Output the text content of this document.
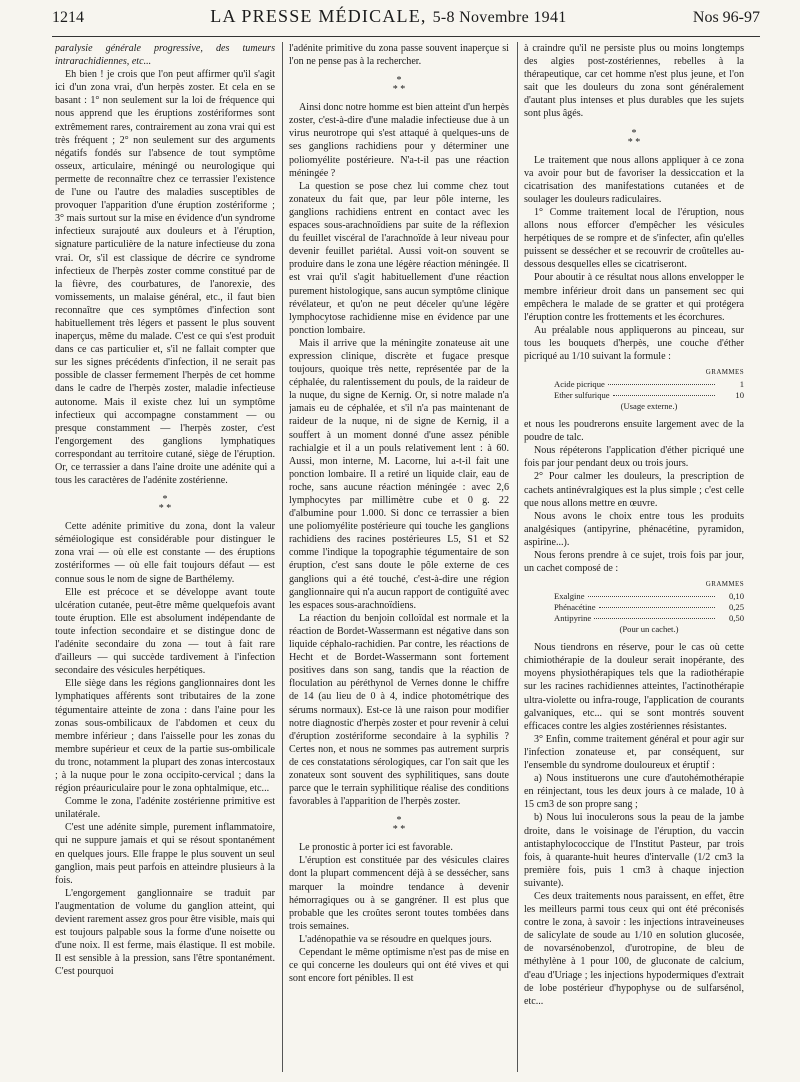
1214	LA PRESSE MÉDICALE, 5-8 Novembre 1941	Nos 96-97

paralysie générale progressive, des tumeurs intrarachidiennes, etc...

Eh bien ! je crois que l'on peut affirmer qu'il s'agit ici d'un zona vrai, d'un herpès zoster. Et cela en se basant : 1° non seulement sur la loi de fréquence qui nous apprend que les éruptions zostériformes sont extrêmement rares, contrairement au zona vrai qui est très fréquent ; 2° non seulement sur des arguments négatifs fondés sur l'absence de tout symptôme osseux, articulaire, méningé ou neurologique qui permette de reconnaître chez ce terrassier l'existence de l'une ou l'autre des maladies susceptibles de provoquer l'apparition d'une éruption zostériforme ; 3° mais surtout sur la mise en évidence d'un syndrome infectieux surajouté aux douleurs et à l'éruption, signature particulière de la nature infectieuse du zona vrai. Or, s'il est classique de décrire ce syndrome infectieux de l'herpès zoster comme constitué par de la fièvre, des courbatures, de l'anorexie, des vomissements, un malaise général, etc., il faut bien reconnaître que ces symptômes d'infection sont habituellement très légers et passent le plus souvent inaperçus, même du malade. C'est ce qui s'est produit dans ce cas particulier et, s'il ne fallait compter que sur les signes précédents d'infection, il ne serait pas possible de classer fermement l'herpès de cet homme dans le cadre de l'herpès zoster, maladie infectieuse autonome. Mais il existe chez lui un symptôme infectieux qui accompagne constamment — ou presque constamment — l'herpès zoster, c'est l'engorgement des ganglions lymphatiques correspondant au territoire cutané, siège de l'éruption. Or, ce terrassier a dans l'aine droite une adénite qui a tous les caractères de l'adénite zostérienne.

*
* *

Cette adénite primitive du zona, dont la valeur séméiologique est considérable pour distinguer le zona vrai — où elle est constante — des éruptions zostériformes — où elle fait toujours défaut — est connue sous le nom de signe de Barthélemy.

Elle est précoce et se développe avant toute ulcération cutanée, peut-être même quelquefois avant toute éruption. Elle est absolument indépendante de toute infection secondaire et se distingue donc de l'adénite secondaire du zona — tout à fait rare d'ailleurs — qui succède tardivement à l'infection secondaire des vésicules herpétiques.

Elle siège dans les régions ganglionnaires dont les lymphatiques afférents sont tributaires de la zone tégumentaire atteinte de zona : dans l'aine pour les zonas sous-ombilicaux de l'abdomen et ceux du membre inférieur ; dans l'aisselle pour les zonas du membre supérieur et ceux de la partie sus-ombilicale du tronc, notamment la plupart des zonas intercostaux ; à la nuque pour le zona occipito-cervical ; dans la région préauriculaire pour le zona ophtalmique, etc...

Comme le zona, l'adénite zostérienne primitive est unilatérale.

C'est une adénite simple, purement inflammatoire, qui ne suppure jamais et qui se résout spontanément en quelques jours. Elle frappe le plus souvent un seul ganglion, mais peut parfois en atteindre plusieurs à la fois.

L'engorgement ganglionnaire se traduit par l'augmentation de volume du ganglion atteint, qui devient rarement assez gros pour être visible, mais qui est toujours palpable sous la forme d'une noisette ou d'une noix. Il est ferme, mais élastique. Il est mobile. Il est sensible à la pression, sans l'être spontanément. C'est pourquoi

l'adénite primitive du zona passe souvent inaperçue si l'on ne pense pas à la rechercher.

*
* *

Ainsi donc notre homme est bien atteint d'un herpès zoster, c'est-à-dire d'une maladie infectieuse due à un virus neurotrope qui s'est attaqué à quelques-uns de ses ganglions rachidiens pour y déterminer une poliomyélite postérieure. N'a-t-il pas une réaction méningée ?

La question se pose chez lui comme chez tout zonateux du fait que, par leur pôle interne, les ganglions rachidiens entrent en contact avec les espaces sous-arachnoïdiens par suite de la réflexion du feuillet viscéral de l'arachnoïde à leur niveau pour devenir feuillet pariétal. Aussi voit-on souvent se produire dans le zona une légère réaction méningée. Il est vrai qu'il s'agit habituellement d'une réaction purement histologique, sans aucun symptôme clinique révélateur, et qu'on ne peut déceler qu'une légère lymphocytose rachidienne mise en évidence par une ponction lombaire.

Mais il arrive que la méningite zonateuse ait une expression clinique, discrète et fugace presque toujours, quoique très nette, représentée par de la céphalée, du ralentissement du pouls, de la raideur de la nuque, du signe de Kernig. Or, si notre malade n'a jamais eu de céphalée, et s'il n'a pas maintenant de raideur de la nuque, ni de signe de Kernig, il a souffert à un moment donné d'une assez pénible rachialgie et il a un pouls relativement lent : à 60. Aussi, mon interne, M. Lacorne, lui a-t-il fait une ponction lombaire. Il a retiré un liquide clair, eau de roche, sans aucune réaction méningée : avec 2,6 lymphocytes par millimètre cube et 0 g. 22 d'albumine pour 1.000. Si donc ce terrassier a bien une poliomyélite postérieure qui touche les ganglions rachidiens des racines postérieures L5, S1 et S2 comme l'indique la topographie tégumentaire de son éruption, c'est sans doute le pôle externe de ces ganglions qui a été touché, c'est-à-dire une région ganglionnaire qui n'a aucun rapport de contiguïté avec les espaces sous-arachnoïdiens.

La réaction du benjoin colloïdal est normale et la réaction de Bordet-Wassermann est négative dans son liquide céphalo-rachidien. Par contre, les réactions de Hecht et de Bordet-Wassermann sont fortement positives dans son sang, tandis que la réaction de floculation au péréthynol de Vernes donne le chiffre de 14 (au lieu de 0 à 4, indice photométrique des sérums normaux). Est-ce là une raison pour modifier notre diagnostic d'herpès zoster et pour revenir à celui d'éruption zostériforme secondaire à la syphilis ? Certes non, et nous ne sommes pas autrement surpris de ces constatations sérologiques, car l'on sait que les zonateux sont souvent des syphilitiques, sans doute parce que le terrain syphilitique réalise des conditions favorables à l'apparition de l'herpès zoster.

*
* *

Le pronostic à porter ici est favorable.

L'éruption est constituée par des vésicules claires dont la plupart commencent déjà à se dessécher, sans marquer la moindre tendance à devenir hémorragiques ou à se gangréner. Il est plus que probable que les croûtes seront toutes tombées dans trois semaines.

L'adénopathie va se résoudre en quelques jours.

Cependant le même optimisme n'est pas de mise en ce qui concerne les douleurs qui ont été vives et qui sont encore fort pénibles. Il est

à craindre qu'il ne persiste plus ou moins longtemps des algies post-zostériennes, rebelles à la thérapeutique, car cet homme n'est plus jeune, et l'on sait que les douleurs du zona sont généralement d'autant plus intenses et plus durables que les sujets sont plus âgés.

*
* *

Le traitement que nous allons appliquer à ce zona va avoir pour but de favoriser la dessiccation et la cicatrisation des manifestations cutanées et de soulager les douleurs radiculaires.

1° Comme traitement local de l'éruption, nous allons nous efforcer d'empêcher les vésicules herpétiques de se rompre et de s'infecter, afin qu'elles puissent se dessécher et se recouvrir de croûtelles au-dessous desquelles elles se cicatriseront.

Pour aboutir à ce résultat nous allons envelopper le membre inférieur droit dans un pansement sec qui empêchera le malade de se gratter et qui protégera l'éruption contre les frottements et les écorchures.

Au préalable nous appliquerons au pinceau, sur tous les bouquets d'herpès, une couche d'éther picriqué au 1/10 suivant la formule :

GRAMMES
Acide picrique	1
Ether sulfurique	10
(Usage externe.)

et nous les poudrerons ensuite largement avec de la poudre de talc.

Nous répéterons l'application d'éther picriqué une fois par jour pendant deux ou trois jours.

2° Pour calmer les douleurs, la prescription de cachets antinévralgiques est la plus simple ; c'est celle que nous allons mettre en œuvre.

Nous avons le choix entre tous les produits analgésiques (antipyrine, phénacétine, pyramidon, aspirine...).

Nous ferons prendre à ce sujet, trois fois par jour, un cachet composé de :

GRAMMES
Exalgine	0,10
Phénacétine	0,25
Antipyrine	0,50
(Pour un cachet.)

Nous tiendrons en réserve, pour le cas où cette chimiothérapie de la douleur serait inopérante, des moyens physiothérapiques tels que la radiothérapie sur les racines rachidiennes atteintes, l'actinothérapie ultra-violette ou infra-rouge, l'application de courants galvaniques, etc... qui se sont montrés souvent efficaces contre les algies zostériennes résistantes.

3° Enfin, comme traitement général et pour agir sur l'infection zonateuse et, par conséquent, sur l'ensemble du syndrome douloureux et éruptif :

a) Nous instituerons une cure d'autohémothérapie en réinjectant, tous les deux jours à ce malade, 10 à 15 cm3 de son propre sang ;

b) Nous lui inoculerons sous la peau de la jambe droite, dans le voisinage de l'éruption, du vaccin antistaphylococcique de l'Institut Pasteur, par trois fois, à quarante-huit heures d'intervalle (1/2 cm3 la première fois, puis 1 cm3 à chaque injection suivante).

Ces deux traitements nous paraissent, en effet, être les meilleurs parmi tous ceux qui ont été préconisés contre le zona, à savoir : les injections intraveineuses de salicylate de soude au 1/10 en solution glucosée, de novarsénobenzol, d'urotropine, de bleu de méthylène à 1 pour 100, de gluconate de calcium, d'eau d'Uriage ; les injections hypodermiques d'extrait de lobe postérieur d'hypophyse ou de sulfarsénol, etc...
